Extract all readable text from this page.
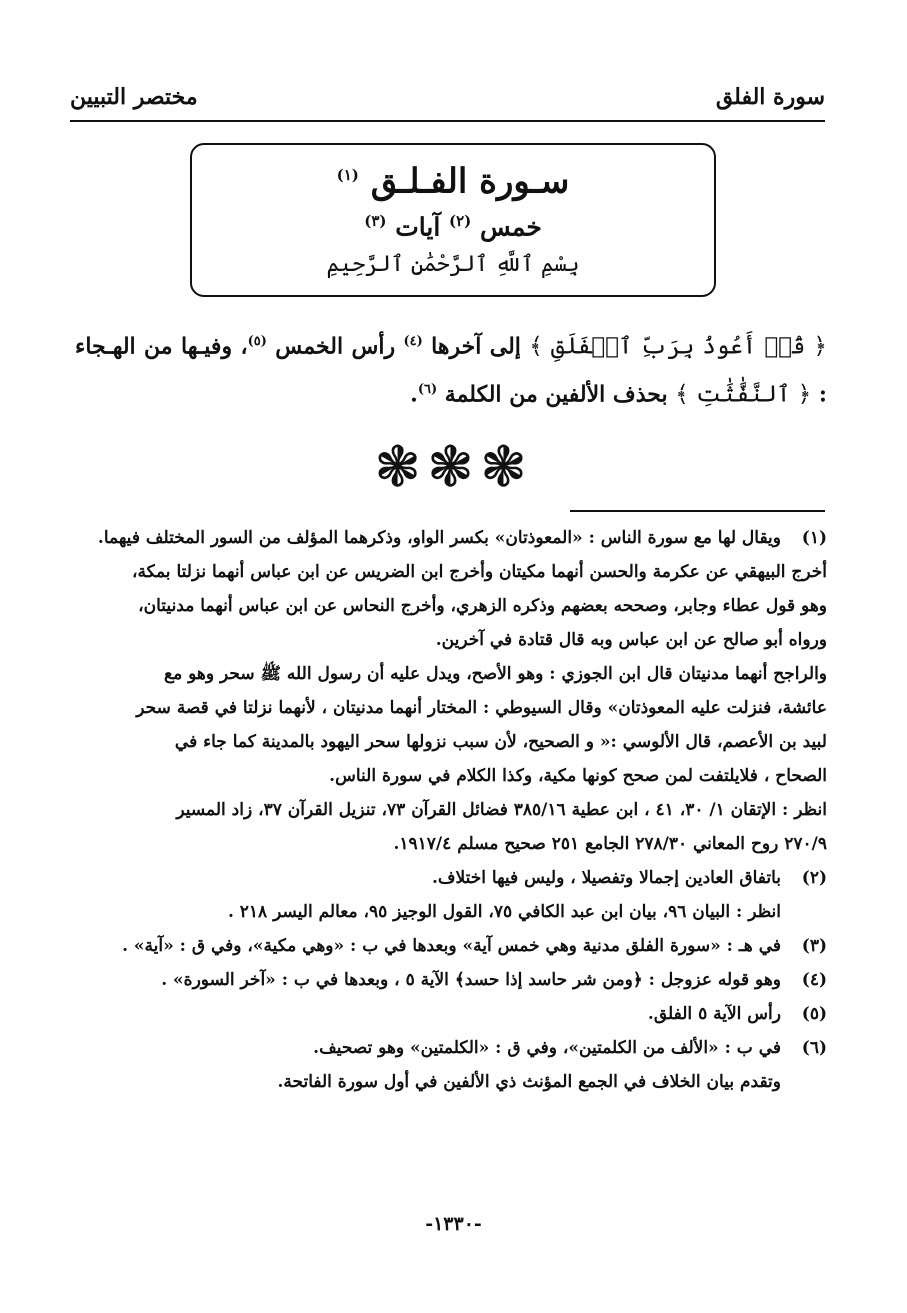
سورة الفلق
مختصر التبيين
سـورة الفـلـق $^{(١)}$
خمس $^{(٢)}$ آيات $^{(٣)}$
بِسْمِ ٱللَّهِ ٱلرَّحْمَٰنِ ٱلرَّحِيمِ
﴿ قُلۡ أَعُوذُ بِرَبِّ ٱلۡفَلَقِ ﴾ إلى آخرها $^{(٤)}$ رأس الخمس $^{(٥)}$، وفيـها من الهـجاء : ﴿ ٱلنَّفَّٰثَٰتِ ﴾ بحذف الألفين من الكلمة $^{(٦)}$.
❃❃❃
(١)
ويقال لها مع سورة الناس : «المعوذتان» بكسر الواو، وذكرهما المؤلف من السور المختلف فيهما.
أخرج البيهقي عن عكرمة والحسن أنهما مكيتان وأخرج ابن الضريس عن ابن عباس أنهما نزلتا بمكة،
وهو قول عطاء وجابر، وصححه بعضهم وذكره الزهري، وأخرج النحاس عن ابن عباس أنهما مدنيتان،
ورواه أبو صالح عن ابن عباس وبه قال قتادة في آخرين.
والراجح أنهما مدنيتان قال ابن الجوزي : وهو الأصح، ويدل عليه أن رسول الله ﷺ سحر وهو مع
عائشة، فنزلت عليه المعوذتان» وقال السيوطي : المختار أنهما مدنيتان ، لأنهما نزلتا في قصة سحر
لبيد بن الأعصم، قال الألوسي :« و الصحيح، لأن سبب نزولها سحر اليهود بالمدينة كما جاء في
الصحاح ، فلايلتفت لمن صحح كونها مكية، وكذا الكلام في سورة الناس.
انظر : الإتقان ١/ ٣٠، ٤١ ، ابن عطية ٣٨٥/١٦ فضائل القرآن ٧٣، تنزيل القرآن ٣٧، زاد المسير
٢٧٠/٩ روح المعاني ٢٧٨/٣٠ الجامع ٢٥١ صحيح مسلم ١٩١٧/٤.
(٢)
باتفاق العادين إجمالا وتفصيلا ، وليس فيها اختلاف.
انظر : البيان ٩٦، بيان ابن عبد الكافي ٧٥، القول الوجيز ٩٥، معالم اليسر ٢١٨ .
(٣)
في هـ : «سورة الفلق مدنية وهي خمس آية» وبعدها في ب : «وهي مكية»، وفي ق : «آية» .
(٤)
وهو قوله عزوجل : ﴿ومن شر حاسد إذا حسد﴾ الآية ٥ ، وبعدها في ب : «آخر السورة» .
(٥)
رأس الآية ٥ الفلق.
(٦)
في ب : «الألف من الكلمتين»، وفي ق : «الكلمتين» وهو تصحيف.
وتقدم بيان الخلاف في الجمع المؤنث ذي الألفين في أول سورة الفاتحة.
-١٣٣٠-
